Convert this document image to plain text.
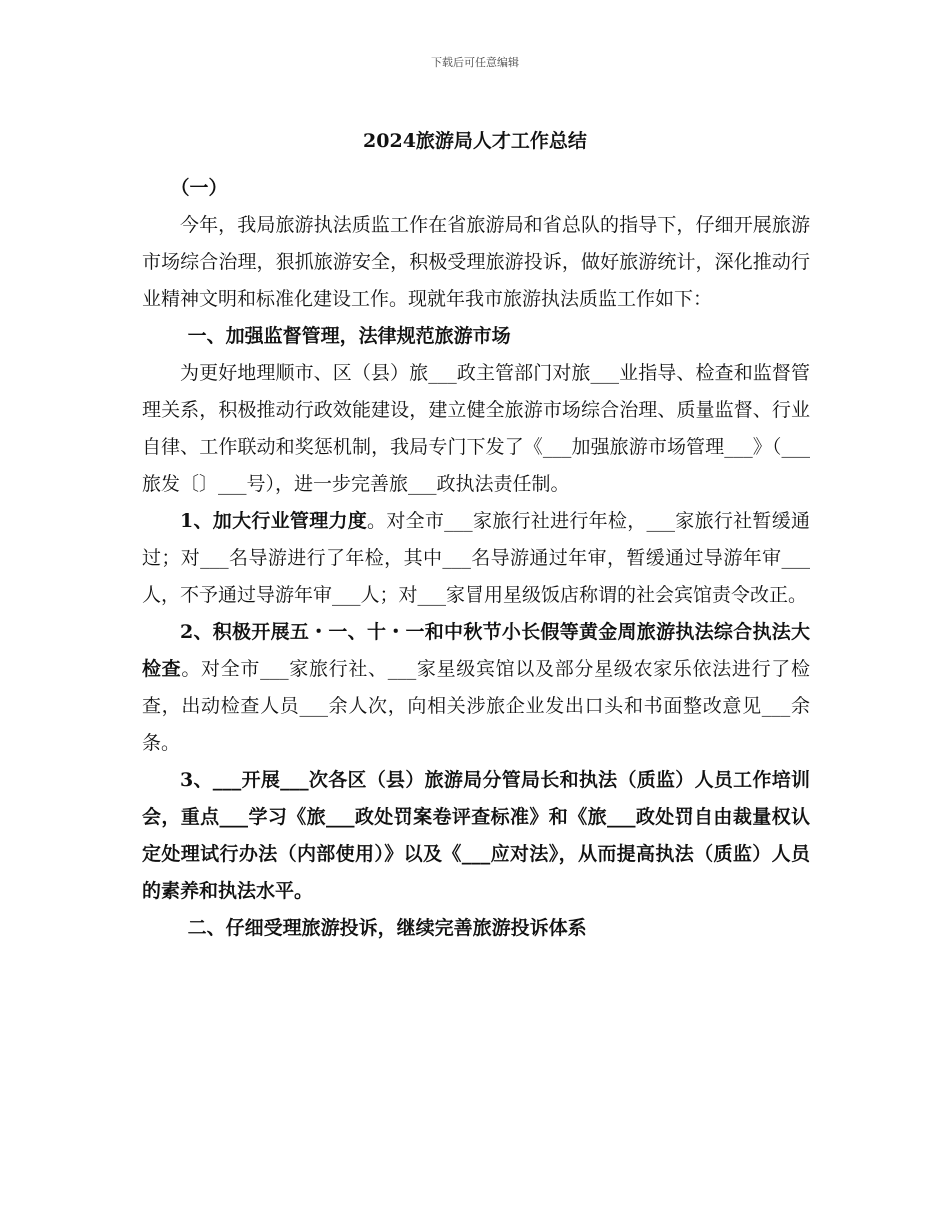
下载后可任意编辑
2024旅游局人才工作总结

（一）

今年，我局旅游执法质监工作在省旅游局和省总队的指导下，仔细开展旅游市场综合治理，狠抓旅游安全，积极受理旅游投诉，做好旅游统计，深化推动行业精神文明和标准化建设工作。现就年我市旅游执法质监工作如下：

一、加强监督管理，法律规范旅游市场

为更好地理顺市、区（县）旅___政主管部门对旅___业指导、检查和监督管理关系，积极推动行政效能建设，建立健全旅游市场综合治理、质量监督、行业自律、工作联动和奖惩机制，我局专门下发了《___加强旅游市场管理___》（___旅发〔〕___号），进一步完善旅___政执法责任制。

1、加大行业管理力度。对全市___家旅行社进行年检，___家旅行社暂缓通过；对___名导游进行了年检，其中___名导游通过年审，暂缓通过导游年审___人，不予通过导游年审___人；对___家冒用星级饭店称谓的社会宾馆责令改正。

2、积极开展五・一、十・一和中秋节小长假等黄金周旅游执法综合执法大检查。对全市___家旅行社、___家星级宾馆以及部分星级农家乐依法进行了检查，出动检查人员___余人次，向相关涉旅企业发出口头和书面整改意见___余条。

3、___开展___次各区（县）旅游局分管局长和执法（质监）人员工作培训会，重点___学习《旅___政处罚案卷评查标准》和《旅___政处罚自由裁量权认定处理试行办法（内部使用）》以及《___应对法》，从而提高执法（质监）人员的素养和执法水平。

二、仔细受理旅游投诉，继续完善旅游投诉体系
